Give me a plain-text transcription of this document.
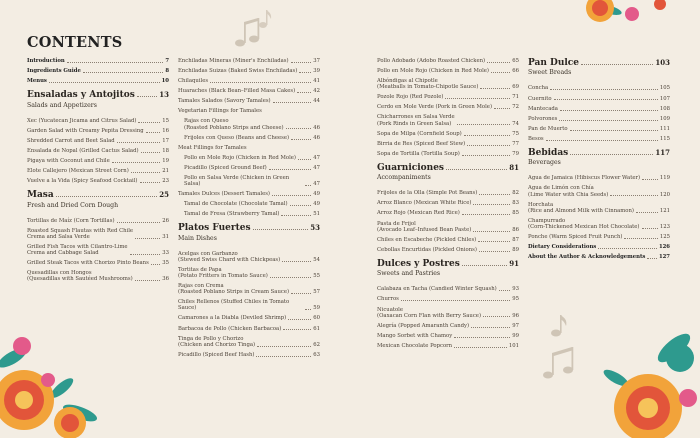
CONTENTS
Introduction	7
Ingredients Guide	8
Menus	10
Ensaladas y Antojitos	13
Salads and Appetizers
Xec (Yucatecan Jicama and Citrus Salad)	15
Garden Salad with Creamy Pepita Dressing	16
Shredded Carrot and Beet Salad	17
Ensalada de Nopal (Grilled Cactus Salad)	18
Pigaya with Coconut and Chile	19
Elote Callejero (Mexican Street Corn)	21
Vuelve a la Vida (Spicy Seafood Cocktail)	23
Masa	25
Fresh and Dried Corn Dough
Tortillas de Maíz (Corn Tortillas)	26
Roasted Squash Flautas with Red Chile
Crema and Salsa Verde	31
Grilled Fish Tacos with Cilantro-Lime
Crema and Cabbage Salad	33
Grilled Steak Tacos with Chorizo Pinto Beans	35
Quesadillas con Hongos
(Quesadillas with Sautéed Mushrooms)	36
Enchiladas Mineras (Miner's Enchiladas)	37
Enchiladas Suizas (Baked Swiss Enchiladas)	39
Chilaquiles	41
Huaraches (Black Bean–Filled Masa Cakes)	42
Tamales Salados (Savory Tamales)	44
Vegetarian Fillings for Tamales
Rajas con Queso
(Roasted Poblano Strips and Cheese)	46
Frijoles con Queso (Beans and Cheese)	46
Meat Fillings for Tamales
Pollo en Mole Rojo (Chicken in Red Mole)	47
Picadillo (Spiced Ground Beef)	47
Pollo en Salsa Verde (Chicken in Green Salsa)	47
Tamales Dulces (Dessert Tamales)	49
Tamal de Chocolate (Chocolate Tamal)	49
Tamal de Fresa (Strawberry Tamal)	51
Platos Fuertes	53
Main Dishes
Acelgas con Garbanzo
(Stewed Swiss Chard with Chickpeas)	54
Tortitas de Papa
(Potato Fritters in Tomato Sauce)	55
Rajas con Crema
(Roasted Poblano Strips in Cream Sauce)	57
Chiles Rellenos (Stuffed Chiles in Tomato Sauce)	59
Camarones a la Diabla (Deviled Shrimp)	60
Barbacoa de Pollo (Chicken Barbacoa)	61
Tinga de Pollo y Chorizo
(Chicken and Chorizo Tinga)	62
Picadillo (Spiced Beef Hash)	63
Pollo Adobado (Adobo Roasted Chicken)	65
Pollo en Mole Rojo (Chicken in Red Mole)	66
Albóndigas al Chipotle
(Meatballs in Tomato-Chipotle Sauce)	69
Pozole Rojo (Red Pozole)	71
Cerdo en Mole Verde (Pork in Green Mole)	72
Chicharrones en Salsa Verde
(Pork Rinds in Green Salsa)	74
Sopa de Milpa (Cornfield Soup)	75
Birria de Res (Spiced Beef Stew)	77
Sopa de Tortilla (Tortilla Soup)	79
Guarniciones	81
Accompaniments
Frijoles de la Olla (Simple Pot Beans)	82
Arroz Blanco (Mexican White Rice)	83
Arroz Rojo (Mexican Red Rice)	85
Pasta de Frijol
(Avocado Leaf–Infused Bean Paste)	86
Chiles en Escabeche (Pickled Chiles)	87
Cebollas Encurtidas (Pickled Onions)	89
Dulces y Postres	91
Sweets and Pastries
Calabaza en Tacha (Candied Winter Squash)	93
Churros	95
Nicuatole
(Oaxacan Corn Flan with Berry Sauce)	96
Alegría (Popped Amaranth Candy)	97
Mango Sorbet with Chamoy	99
Mexican Chocolate Popcorn	101
Pan Dulce	103
Sweet Breads
Concha	105
Cuernito	107
Mantecada	108
Polvorones	109
Pan de Muerto	111
Besos	115
Bebidas	117
Beverages
Agua de Jamaica (Hibiscus Flower Water)	119
Agua de Limón con Chía
(Lime Water with Chia Seeds)	120
Horchata
(Rice and Almond Milk with Cinnamon)	121
Champurrado
(Corn-Thickened Mexican Hot Chocolate)	123
Ponche (Warm Spiced Fruit Punch)	125
Dietary Considerations	126
About the Author & Acknowledgements	127
